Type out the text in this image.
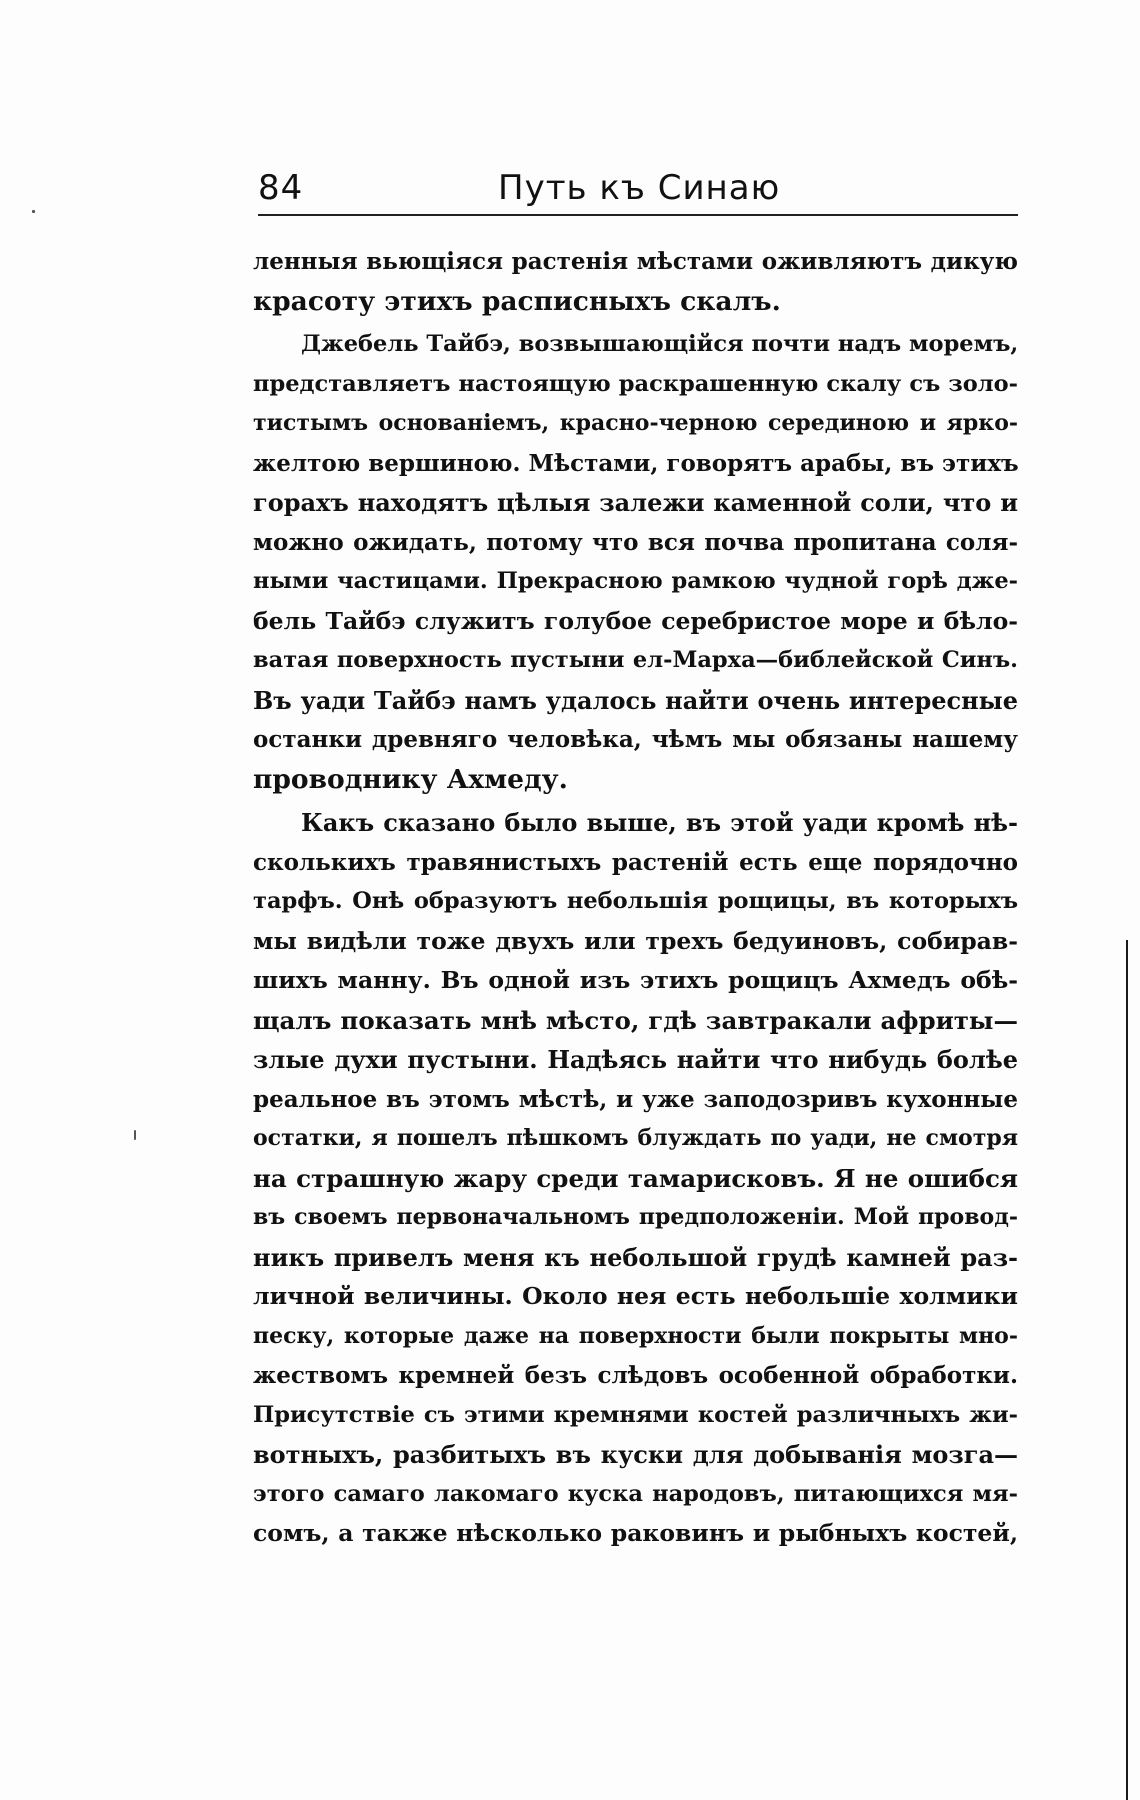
84	Путь къ Синаю
ленныя вьющіяся растенія мѣстами оживляютъ дикую
красоту этихъ расписныхъ скалъ.
Джебель Тайбэ, возвышающійся почти надъ моремъ,
представляетъ настоящую раскрашенную скалу съ золо-
тистымъ основаніемъ, красно-черною серединою и ярко-
желтою вершиною. Мѣстами, говорятъ арабы, въ этихъ
горахъ находятъ цѣлыя залежи каменной соли, что и
можно ожидать, потому что вся почва пропитана соля-
ными частицами. Прекрасною рамкою чудной горѣ дже-
бель Тайбэ служитъ голубое серебристое море и бѣло-
ватая поверхность пустыни ел-Марха—библейской Синъ.
Въ уади Тайбэ намъ удалось найти очень интересные
останки древняго человѣка, чѣмъ мы обязаны нашему
проводнику Ахмеду.
Какъ сказано было выше, въ этой уади кромѣ нѣ-
сколькихъ травянистыхъ растеній есть еще порядочно
тарфъ. Онѣ образуютъ небольшія рощицы, въ которыхъ
мы видѣли тоже двухъ или трехъ бедуиновъ, собирав-
шихъ манну. Въ одной изъ этихъ рощицъ Ахмедъ обѣ-
щалъ показать мнѣ мѣсто, гдѣ завтракали африты—
злые духи пустыни. Надѣясь найти что нибудь болѣе
реальное въ этомъ мѣстѣ, и уже заподозривъ кухонные
остатки, я пошелъ пѣшкомъ блуждать по уади, не смотря
на страшную жару среди тамарисковъ. Я не ошибся
въ своемъ первоначальномъ предположеніи. Мой провод-
никъ привелъ меня къ небольшой грудѣ камней раз-
личной величины. Около нея есть небольшіе холмики
песку, которые даже на поверхности были покрыты мно-
жествомъ кремней безъ слѣдовъ особенной обработки.
Присутствіе съ этими кремнями костей различныхъ жи-
вотныхъ, разбитыхъ въ куски для добыванія мозга—
этого самаго лакомаго куска народовъ, питающихся мя-
сомъ, а также нѣсколько раковинъ и рыбныхъ костей,
